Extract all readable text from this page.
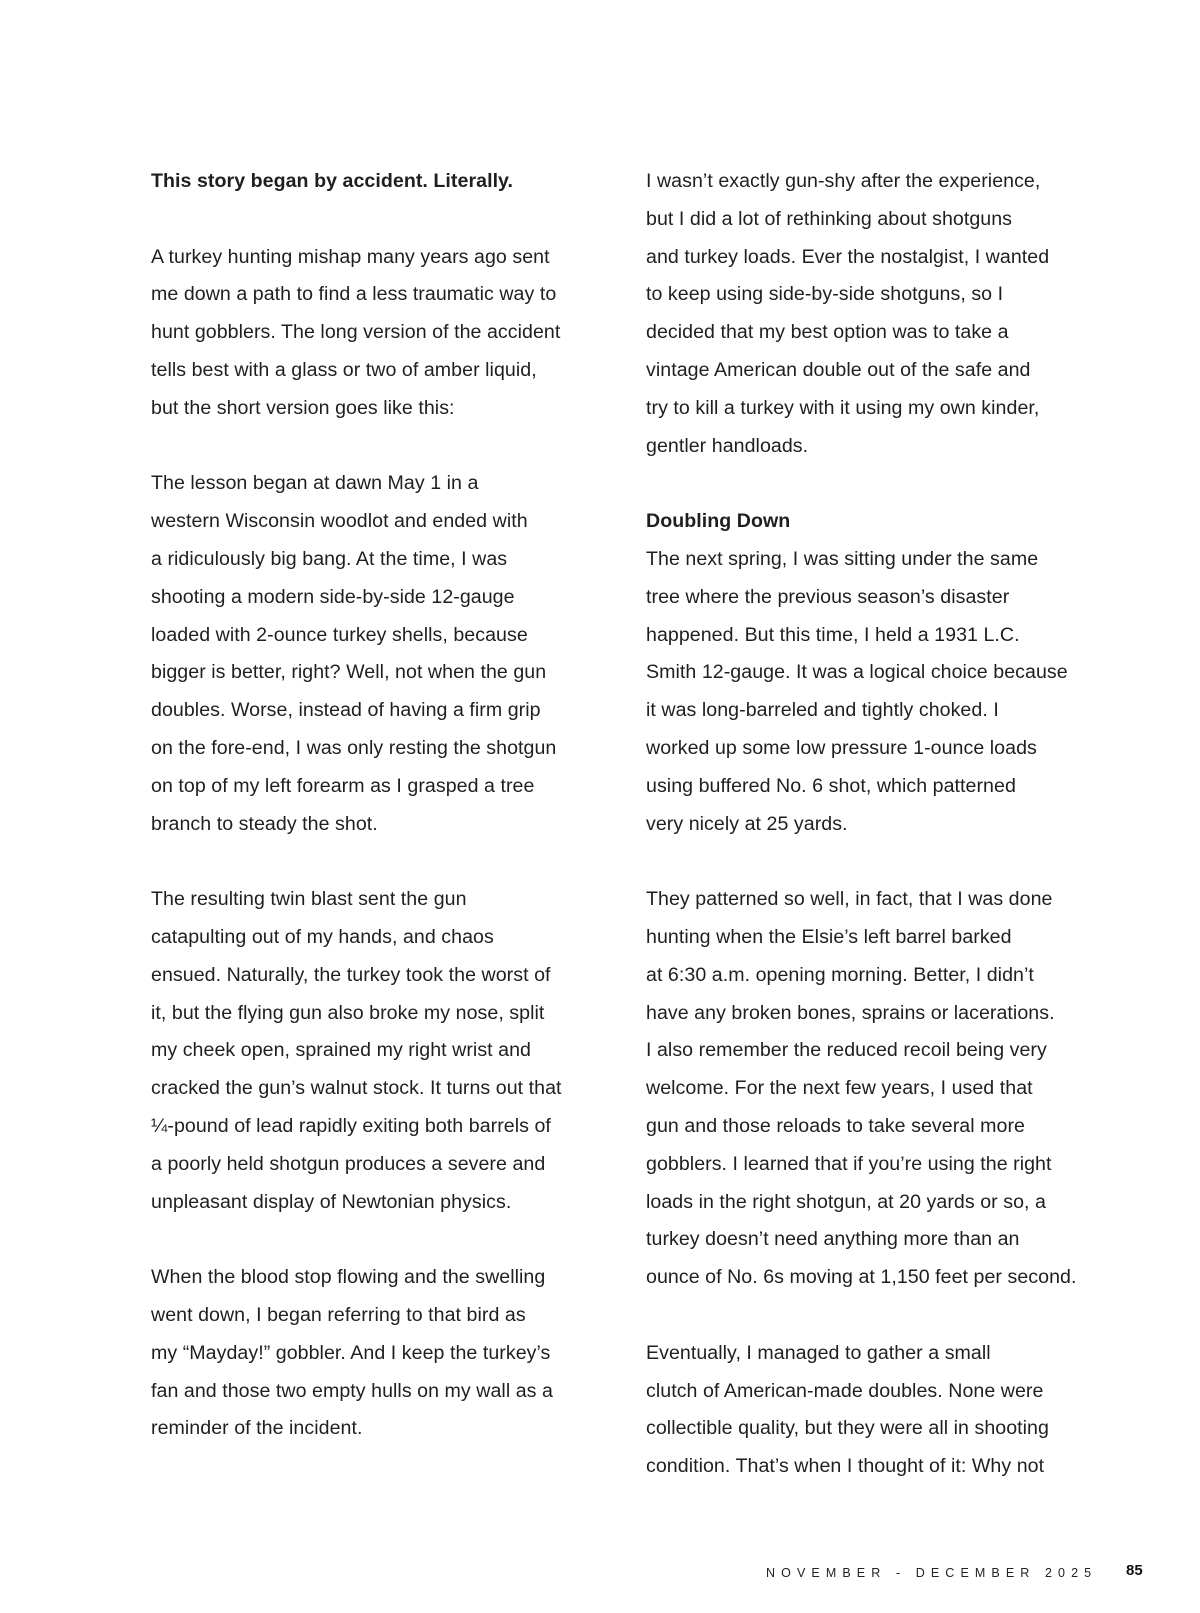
This story began by accident. Literally.

A turkey hunting mishap many years ago sent
me down a path to find a less traumatic way to
hunt gobblers. The long version of the accident
tells best with a glass or two of amber liquid,
but the short version goes like this:

The lesson began at dawn May 1 in a
western Wisconsin woodlot and ended with
a ridiculously big bang. At the time, I was
shooting a modern side-by-side 12-gauge
loaded with 2-ounce turkey shells, because
bigger is better, right? Well, not when the gun
doubles. Worse, instead of having a firm grip
on the fore-end, I was only resting the shotgun
on top of my left forearm as I grasped a tree
branch to steady the shot.

The resulting twin blast sent the gun
catapulting out of my hands, and chaos
ensued. Naturally, the turkey took the worst of
it, but the flying gun also broke my nose, split
my cheek open, sprained my right wrist and
cracked the gun’s walnut stock. It turns out that
¼-pound of lead rapidly exiting both barrels of
a poorly held shotgun produces a severe and
unpleasant display of Newtonian physics.

When the blood stop flowing and the swelling
went down, I began referring to that bird as
my “Mayday!” gobbler. And I keep the turkey’s
fan and those two empty hulls on my wall as a
reminder of the incident.

I wasn’t exactly gun-shy after the experience,
but I did a lot of rethinking about shotguns
and turkey loads. Ever the nostalgist, I wanted
to keep using side-by-side shotguns, so I
decided that my best option was to take a
vintage American double out of the safe and
try to kill a turkey with it using my own kinder,
gentler handloads.

Doubling Down

The next spring, I was sitting under the same
tree where the previous season’s disaster
happened. But this time, I held a 1931 L.C.
Smith 12-gauge. It was a logical choice because
it was long-barreled and tightly choked. I
worked up some low pressure 1-ounce loads
using buffered No. 6 shot, which patterned
very nicely at 25 yards.

They patterned so well, in fact, that I was done
hunting when the Elsie’s left barrel barked
at 6:30 a.m. opening morning. Better, I didn’t
have any broken bones, sprains or lacerations.
I also remember the reduced recoil being very
welcome. For the next few years, I used that
gun and those reloads to take several more
gobblers. I learned that if you’re using the right
loads in the right shotgun, at 20 yards or so, a
turkey doesn’t need anything more than an
ounce of No. 6s moving at 1,150 feet per second.

Eventually, I managed to gather a small
clutch of American-made doubles. None were
collectible quality, but they were all in shooting
condition. That’s when I thought of it: Why not

NOVEMBER - DECEMBER 2025 85
